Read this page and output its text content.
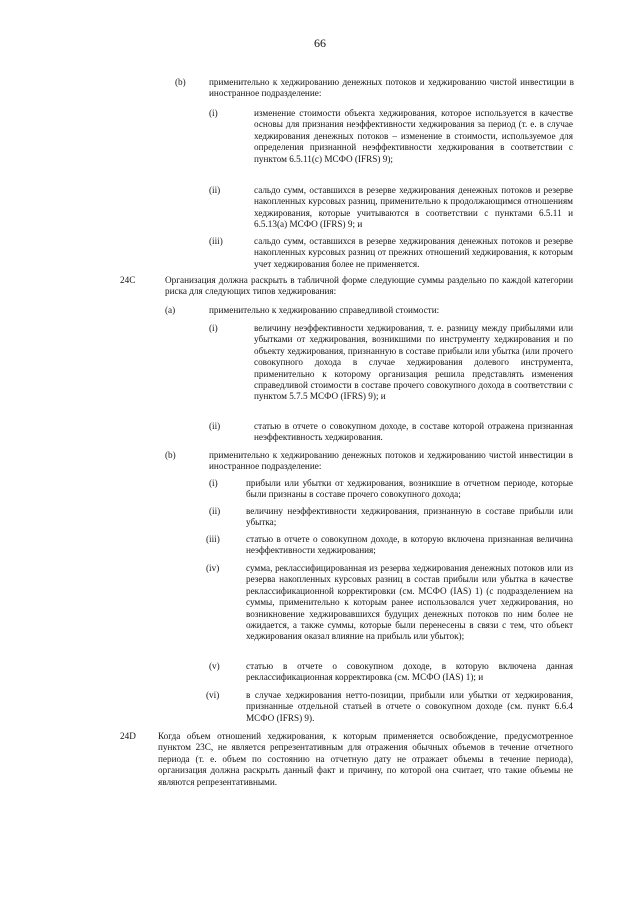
66
(b)	применительно к хеджированию денежных потоков и хеджированию чистой инвестиции в иностранное подразделение:
(i)	изменение стоимости объекта хеджирования, которое используется в качестве основы для признания неэффективности хеджирования за период (т. е. в случае хеджирования денежных потоков – изменение в стоимости, используемое для определения признанной неэффективности хеджирования в соответствии с пунктом 6.5.11(с) МСФО (IFRS) 9);
(ii)	сальдо сумм, оставшихся в резерве хеджирования денежных потоков и резерве накопленных курсовых разниц, применительно к продолжающимся отношениям хеджирования, которые учитываются в соответствии с пунктами 6.5.11 и 6.5.13(а) МСФО (IFRS) 9; и
(iii)	сальдо сумм, оставшихся в резерве хеджирования денежных потоков и резерве накопленных курсовых разниц от прежних отношений хеджирования, к которым учет хеджирования более не применяется.
24C	Организация должна раскрыть в табличной форме следующие суммы раздельно по каждой категории риска для следующих типов хеджирования:
(a)	применительно к хеджированию справедливой стоимости:
(i)	величину неэффективности хеджирования, т. е. разницу между прибылями или убытками от хеджирования, возникшими по инструменту хеджирования и по объекту хеджирования, признанную в составе прибыли или убытка (или прочего совокупного дохода в случае хеджирования долевого инструмента, применительно к которому организация решила представлять изменения справедливой стоимости в составе прочего совокупного дохода в соответствии с пунктом 5.7.5 МСФО (IFRS) 9); и
(ii)	статью в отчете о совокупном доходе, в составе которой отражена признанная неэффективность хеджирования.
(b)	применительно к хеджированию денежных потоков и хеджированию чистой инвестиции в иностранное подразделение:
(i)	прибыли или убытки от хеджирования, возникшие в отчетном периоде, которые были признаны в составе прочего совокупного дохода;
(ii)	величину неэффективности хеджирования, признанную в составе прибыли или убытка;
(iii)	статью в отчете о совокупном доходе, в которую включена признанная величина неэффективности хеджирования;
(iv)	сумма, реклассифицированная из резерва хеджирования денежных потоков или из резерва накопленных курсовых разниц в состав прибыли или убытка в качестве реклассификационной корректировки (см. МСФО (IAS) 1) (с подразделением на суммы, применительно к которым ранее использовался учет хеджирования, но возникновение хеджировавшихся будущих денежных потоков по ним более не ожидается, а также суммы, которые были перенесены в связи с тем, что объект хеджирования оказал влияние на прибыль или убыток);
(v)	статью в отчете о совокупном доходе, в которую включена данная реклассификационная корректировка (см. МСФО (IAS) 1); и
(vi)	в случае хеджирования нетто-позиции, прибыли или убытки от хеджирования, признанные отдельной статьей в отчете о совокупном доходе (см. пункт 6.6.4 МСФО (IFRS) 9).
24D Когда объем отношений хеджирования, к которым применяется освобождение, предусмотренное пунктом 23С, не является репрезентативным для отражения обычных объемов в течение отчетного периода (т. е. объем по состоянию на отчетную дату не отражает объемы в течение периода), организация должна раскрыть данный факт и причину, по которой она считает, что такие объемы не являются репрезентативными.
